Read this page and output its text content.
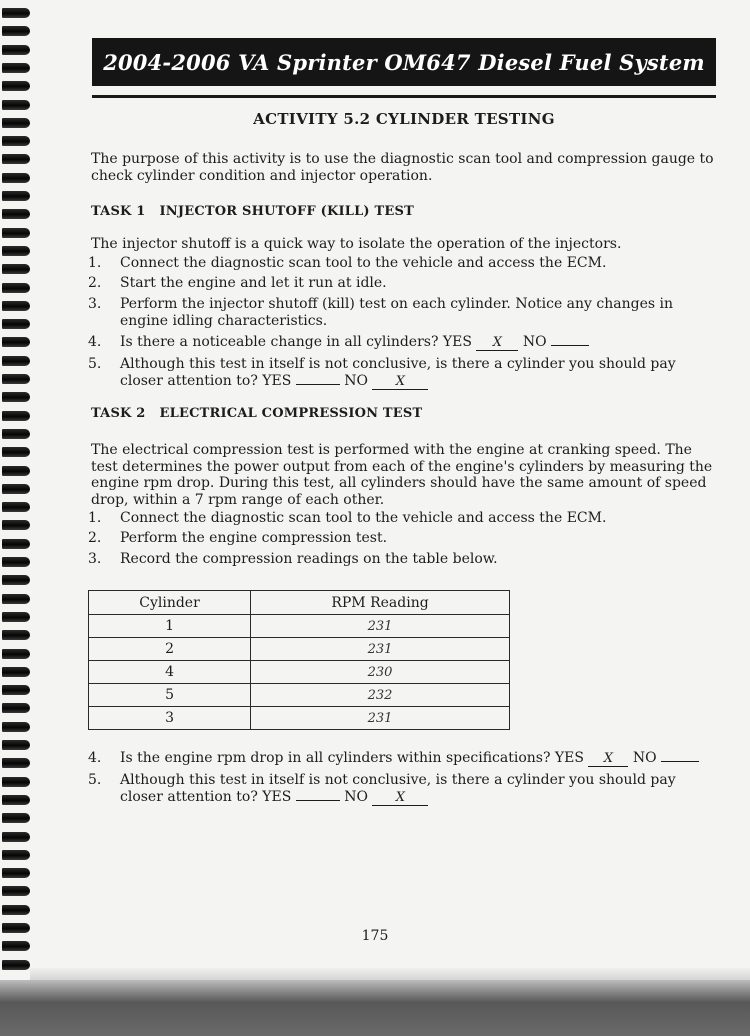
2004-2006 VA Sprinter OM647 Diesel Fuel System
ACTIVITY 5.2 CYLINDER TESTING
The purpose of this activity is to use the diagnostic scan tool and compression gauge to check cylinder condition and injector operation.
TASK 1 INJECTOR SHUTOFF (KILL) TEST
The injector shutoff is a quick way to isolate the operation of the injectors.
1.	Connect the diagnostic scan tool to the vehicle and access the ECM.
2.	Start the engine and let it run at idle.
3.	Perform the injector shutoff (kill) test on each cylinder. Notice any changes in engine idling characteristics.
4.	Is there a noticeable change in all cylinders? YES X NO
5.	Although this test in itself is not conclusive, is there a cylinder you should pay closer attention to? YES	NO X
TASK 2 ELECTRICAL COMPRESSION TEST
The electrical compression test is performed with the engine at cranking speed. The test determines the power output from each of the engine's cylinders by measuring the engine rpm drop. During this test, all cylinders should have the same amount of speed drop, within a 7 rpm range of each other.
1.	Connect the diagnostic scan tool to the vehicle and access the ECM.
2.	Perform the engine compression test.
3.	Record the compression readings on the table below.
Cylinder	RPM Reading
1	231
2	231
4	230
5	232
3	231
4.	Is the engine rpm drop in all cylinders within specifications? YES X NO
5.	Although this test in itself is not conclusive, is there a cylinder you should pay closer attention to? YES	NO X
175
